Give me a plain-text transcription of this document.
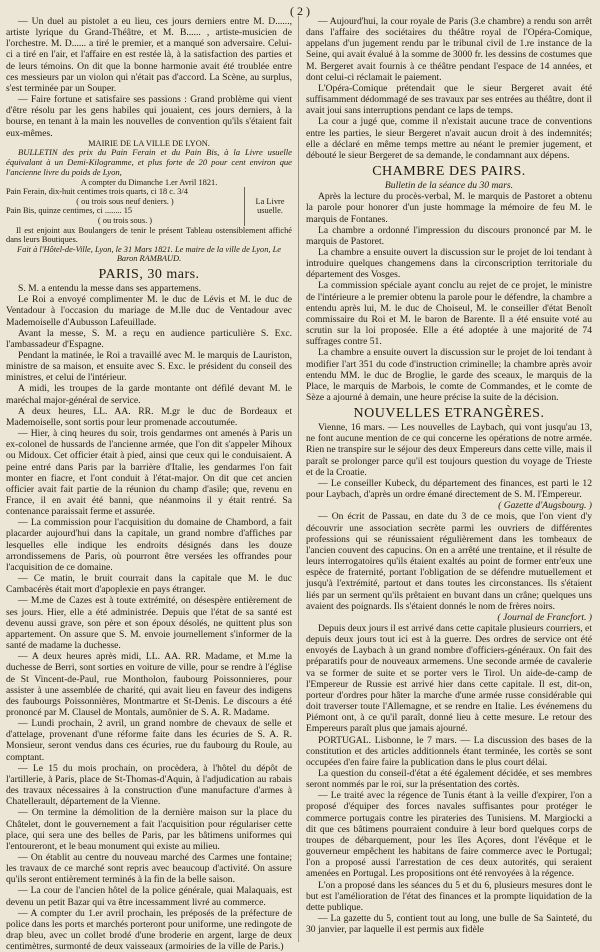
( 2 )

— Un duel au pistolet a eu lieu, ces jours derniers entre M. D......, artiste lyrique du Grand-Théâtre, et M. B...... , artiste-musicien de l'orchestre. M. D...... a tiré le premier, et a manqué son adversaire. Celui-ci a tiré en l'air, et l'affaire en est restée là, à la satisfaction des parties et de leurs témoins. On dit que la bonne harmonie avait été troublée entre ces messieurs par un violon qui n'était pas d'accord. La Scène, au surplus, s'est terminée par un Souper.

— Faire fortune et satisfaire ses passions : Grand problème qui vient d'être résolu par les gens habiles qui jouaient, ces jours derniers, à la bourse, en tenant à la main les nouvelles de convention qu'ils s'étaient fait eux-mêmes.

MAIRIE DE LA VILLE DE LYON.

BULLETIN des prix du Pain Ferain et du Pain Bis, à la Livre usuelle équivalant à un Demi-Kilogramme, et plus forte de 20 pour cent environ que l'ancienne livre du poids de Lyon,

A compter du Dimanche 1.er Avril 1821.

Pain Ferain, dix-huit centimes trois quarts, ci 18 c. 3/4

( ou trois sous neuf deniers. )

Pain Bis, quinze centimes, ci ........ 15

( ou trois sous. )

La Livre usuelle.

Il est enjoint aux Boulangers de tenir le présent Tableau ostensiblement affiché dans leurs Boutiques.

Fait à l'Hôtel-de-Ville, Lyon, le 31 Mars 1821. Le maire de la ville de Lyon, Le Baron RAMBAUD.

PARIS, 30 mars.

S. M. a entendu la messe dans ses appartemens.

Le Roi a envoyé complimenter M. le duc de Lévis et M. le duc de Ventadour à l'occasion du mariage de M.lle duc de Ventadour avec Mademoiselle d'Aubusson Lafeuillade.

Avant la messe, S. M. a reçu en audience particulière S. Exc. l'ambassadeur d'Espagne.

Pendant la matinée, le Roi a travaillé avec M. le marquis de Lauriston, ministre de sa maison, et ensuite avec S. Exc. le président du conseil des ministres, et celui de l'intérieur.

A midi, les troupes de la garde montante ont défilé devant M. le maréchal major-général de service.

A deux heures, LL. AA. RR. M.gr le duc de Bordeaux et Mademoiselle, sont sortis pour leur promenade accoutumée.

— Hier, à cinq heures du soir, trois gendarmes ont amenés à Paris un ex-colonel de hussards de l'ancienne armée, que l'on dit s'appeler Mihoux ou Midoux. Cet officier était à pied, ainsi que ceux qui le conduisaient. A peine entré dans Paris par la barrière d'Italie, les gendarmes l'on fait monter en fiacre, et l'ont conduit à l'état-major. On dit que cet ancien officier avait fait partie de la réunion du champ d'asile; que, revenu en France, il en avait été banni, que néanmoins il y était rentré. Sa contenance paraissait ferme et assurée.

— La commission pour l'acquisition du domaine de Chambord, a fait placarder aujourd'hui dans la capitale, un grand nombre d'affiches par lesquelles elle indique les endroits désignés dans les douze arrondissemens de Paris, où pourront être versées les offrandes pour l'acquisition de ce domaine.

— Ce matin, le bruit courrait dans la capitale que M. le duc Cambacérès était mort d'apoplexie en pays étranger.

— M.me de Cazes est à toute extrémité, on désespère entièrement de ses jours. Hier, elle a été administrée. Depuis que l'état de sa santé est devenu aussi grave, son père et son époux désolés, ne quittent plus son appartement. On assure que S. M. envoie journellement s'informer de la santé de madame la duchesse.

— A deux heures après midi, LL. AA. RR. Madame, et M.me la duchesse de Berri, sont sorties en voiture de ville, pour se rendre à l'église de St Vincent-de-Paul, rue Montholon, faubourg Poissonnieres, pour assister à une assemblée de charité, qui avait lieu en faveur des indigens des faubourgs Poissonnières, Montmartre et St-Denis. Le discours a été prononcé par M. Clausel de Montals, aumônier de S. A. R. Madame.

— Lundi prochain, 2 avril, un grand nombre de chevaux de selle et d'attelage, provenant d'une réforme faite dans les écuries de S. A. R. Monsieur, seront vendus dans ces écuries, rue du faubourg du Roule, au comptant.

— Le 15 du mois prochain, on procèdera, à l'hôtel du dépôt de l'artillerie, à Paris, place de St-Thomas-d'Aquin, à l'adjudication au rabais des travaux nécessaires à la construction d'une manufacture d'armes à Chatellerault, département de la Vienne.

— On termine la démolition de la dernière maison sur la place du Châtelet, dont le gouvernement a fait l'acquisition pour régulariser cette place, qui sera une des belles de Paris, par les bâtimens uniformes qui l'entoureront, et le beau monument qui existe au milieu.

— On établit au centre du nouveau marché des Carmes une fontaine; les travaux de ce marché sont repris avec beaucoup d'activité. On assure qu'ils seront entièrement terminés à la fin de la belle saison.

— La cour de l'ancien hôtel de la police générale, quai Malaquais, est devenu un petit Bazar qui va être incessamment livré au commerce.

— A compter du 1.er avril prochain, les préposés de la préfecture de police dans les ports et marchés porteront pour uniforme, une redingote de drap bleu, avec un collet brodé d'une broderie en argent, large de deux centimètres, surmonté de deux vaisseaux (armoiries de la ville de Paris.)

— Aujourd'hui, la cour royale de Paris (3.e chambre) a rendu son arrêt dans l'affaire des sociétaires du théâtre royal de l'Opéra-Comique, appelans d'un jugement rendu par le tribunal civil de 1.re instance de la Seine, qui avait évalué à la somme de 3000 fr. les dessins de costumes que M. Bergeret avait fournis à ce théâtre pendant l'espace de 14 années, et dont celui-ci réclamait le paiement.

L'Opéra-Comique prétendait que le sieur Bergeret avait été suffisamment dédommagé de ses travaux par ses entrées au théâtre, dont il avait joui sans interruptions pendant ce laps de temps.

La cour a jugé que, comme il n'existait aucune trace de conventions entre les parties, le sieur Bergeret n'avait aucun droit à des indemnités; elle a déclaré en même temps mettre au néant le premier jugement, et débouté le sieur Bergeret de sa demande, le condamnant aux dépens.

CHAMBRE DES PAIRS.

Bulletin de la séance du 30 mars.

Après la lecture du procès-verbal, M. le marquis de Pastoret a obtenu la parole pour honorer d'un juste hommage la mémoire de feu M. le marquis de Fontanes.

La chambre a ordonné l'impression du discours prononcé par M. le marquis de Pastoret.

La chambre a ensuite ouvert la discussion sur le projet de loi tendant à introduire quelques changemens dans la circonscription territoriale du département des Vosges.

La commission spéciale ayant conclu au rejet de ce projet, le ministre de l'intérieure a le premier obtenu la parole pour le défendre, la chambre a entendu après lui, M. le duc de Choiseul, M. le conseiller d'état Benoît commissaire du Roi et M. le baron de Barente. Il a été ensuite voté au scrutin sur la loi proposée. Elle a été adoptée à une majorité de 74 suffrages contre 51.

La chambre a ensuite ouvert la discussion sur le projet de loi tendant à modifier l'art 351 du code d'instruction criminelle; la chambre après avoir entendu MM. le duc de Broglie, le garde des sceaux, le marquis de la Place, le marquis de Marbois, le comte de Commandes, et le comte de Sèze a ajourné à demain, une heure précise la suite de la décision.

NOUVELLES ETRANGÈRES.

Vienne, 16 mars. — Les nouvelles de Laybach, qui vont jusqu'au 13, ne font aucune mention de ce qui concerne les opérations de notre armée. Rien ne transpire sur le séjour des deux Empereurs dans cette ville, mais il paraît se prolonger parce qu'il est toujours question du voyage de Trieste et de la Croatie.

— Le conseiller Kubeck, du département des finances, est parti le 12 pour Laybach, d'après un ordre émané directement de S. M. l'Empereur.

( Gazette d'Augsbourg. )

— On écrit de Passau, en date du 3 de ce mois, que l'on vient d'y découvrir une association secrète parmi les ouvriers de différentes professions qui se réunissaient régulièrement dans les tombeaux de l'ancien couvent des capucins. On en a arrêté une trentaine, et il résulte de leurs interrogatoires qu'ils étaient exaltés au point de former entr'eux une espèce de fraternité, portant l'obligation de se défendre mutuellement et jusqu'à l'extrémité, partout et dans toutes les circonstances. Ils s'étaient liés par un serment qu'ils prêtaient en buvant dans un crâne; quelques uns avaient des poignards. Ils s'étaient donnés le nom de frères noirs.

( Journal de Francfort. )

Depuis deux jours il est arrivé dans cette capitale plusieurs courriers, et depuis deux jours tout ici est à la guerre. Des ordres de service ont été envoyés de Laybach à un grand nombre d'officiers-généraux. On fait des préparatifs pour de nouveaux armemens. Une seconde armée de cavalerie va se former de suite et se porter vers le Tirol. Un aide-de-camp de l'Empereur de Russie est arrivé hier dans cette capitale. Il est, dit-on, porteur d'ordres pour hâter la marche d'une armée russe considérable qui doit traverser toute l'Allemagne, et se rendre en Italie. Les événemens du Piémont ont, à ce qu'il paraît, donné lieu à cette mesure. Le retour des Empereurs paraît plus que jamais ajourné.

PORTUGAL. Lisbonne, le 7 mars. — La discussion des bases de la constitution et des articles additionnels étant terminée, les cortès se sont occupées d'en faire faire la publication dans le plus court délai.

La question du conseil-d'état a été également décidée, et ses membres seront nommés par le roi, sur la présentation des cortès.

— Le traité avec la régence de Tunis étant à la veille d'expirer, l'on a proposé d'équiper des forces navales suffisantes pour protéger le commerce portugais contre les pirateries des Tunisiens. M. Margiocki a dit que ces bâtimens pourraient conduire à leur bord quelques corps de troupes de débarquement, pour les îles Açores, dont l'évêque et le gouverneur empêchent les habitans de faire commerce avec le Portugal; l'on a proposé aussi l'arrestation de ces deux autorités, qui seraient amenées en Portugal. Les propositions ont été renvoyées à la régence.

L'on a proposé dans les séances du 5 et du 6, plusieurs mesures dont le but est l'amélioration de l'état des finances et la prompte liquidation de la dette publique.

— La gazette du 5, contient tout au long, une bulle de Sa Sainteté, du 30 janvier, par laquelle il est permis aux fidèle
